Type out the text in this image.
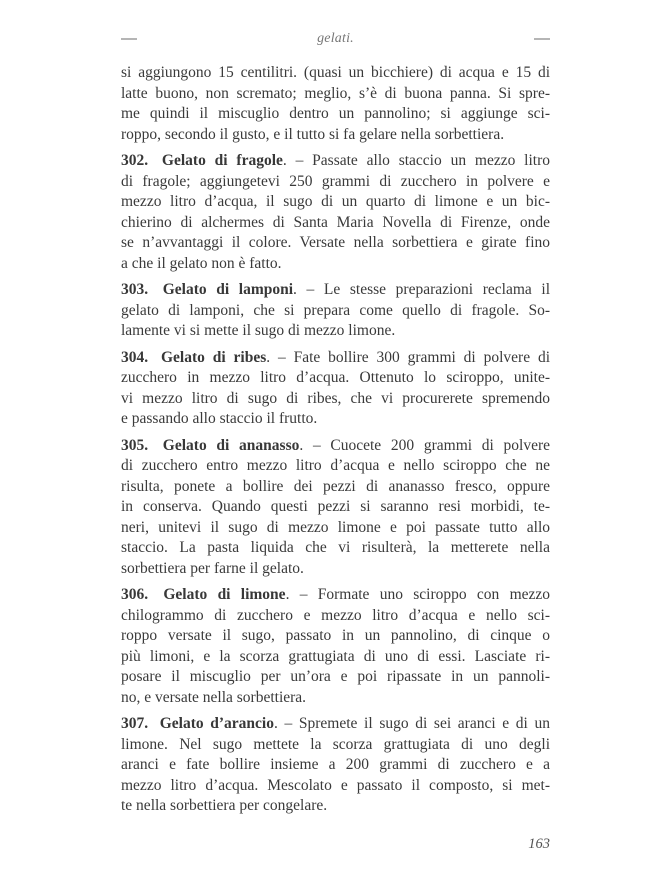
gelati.
si aggiungono 15 centilitri. (quasi un bicchiere) di acqua e 15 di
latte buono, non scremato; meglio, s’è di buona panna. Si spre-
me quindi il miscuglio dentro un pannolino; si aggiunge sci-
roppo, secondo il gusto, e il tutto si fa gelare nella sorbettiera.
302. Gelato di fragole. – Passate allo staccio un mezzo litro
di fragole; aggiungetevi 250 grammi di zucchero in polvere e
mezzo litro d’acqua, il sugo di un quarto di limone e un bic-
chierino di alchermes di Santa Maria Novella di Firenze, onde
se n’avvantaggi il colore. Versate nella sorbettiera e girate fino
a che il gelato non è fatto.
303. Gelato di lamponi. – Le stesse preparazioni reclama il
gelato di lamponi, che si prepara come quello di fragole. So-
lamente vi si mette il sugo di mezzo limone.
304. Gelato di ribes. – Fate bollire 300 grammi di polvere di
zucchero in mezzo litro d’acqua. Ottenuto lo sciroppo, unite-
vi mezzo litro di sugo di ribes, che vi procurerete spremendo
e passando allo staccio il frutto.
305. Gelato di ananasso. – Cuocete 200 grammi di polvere
di zucchero entro mezzo litro d’acqua e nello sciroppo che ne
risulta, ponete a bollire dei pezzi di ananasso fresco, oppure
in conserva. Quando questi pezzi si saranno resi morbidi, te-
neri, unitevi il sugo di mezzo limone e poi passate tutto allo
staccio. La pasta liquida che vi risulterà, la metterete nella
sorbettiera per farne il gelato.
306. Gelato di limone. – Formate uno sciroppo con mezzo
chilogrammo di zucchero e mezzo litro d’acqua e nello sci-
roppo versate il sugo, passato in un pannolino, di cinque o
più limoni, e la scorza grattugiata di uno di essi. Lasciate ri-
posare il miscuglio per un’ora e poi ripassate in un pannoli-
no, e versate nella sorbettiera.
307. Gelato d’arancio. – Spremete il sugo di sei aranci e di un
limone. Nel sugo mettete la scorza grattugiata di uno degli
aranci e fate bollire insieme a 200 grammi di zucchero e a
mezzo litro d’acqua. Mescolato e passato il composto, si met-
te nella sorbettiera per congelare.
163
